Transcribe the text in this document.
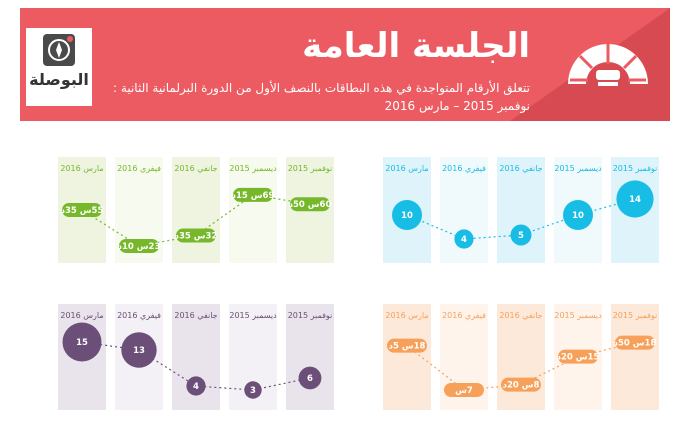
الجلسة العامة
تتعلق الأرقام المتواجدة في هذه البطاقات بالنصف الأول من الدورة البرلمانية الثانية :
نوفمبر 2015 – مارس 2016
البوصلة
جملة ساعات العمل
نوفمبر 2015
ديسمبر 2015
جانفي 2016
فيفري 2016
مارس 2016
60س 50د
69س 15د
32س 35د
23س 10د
55س 35د
عدد الجلسات المنعقدة
نوفمبر 2015
ديسمبر 2015
جانفي 2016
فيفري 2016
مارس 2016
14
10
5
4
10
عدد مشاريع القوانين المصادق عليها
نوفمبر 2015
ديسمبر 2015
جانفي 2016
فيفري 2016
مارس 2016
6
3
4
13
15
جملة ساعات التأخر
نوفمبر 2015
ديسمبر 2015
جانفي 2016
فيفري 2016
مارس 2016
18س 50د
15س 20د
8س 20د
7س
18س 5د
